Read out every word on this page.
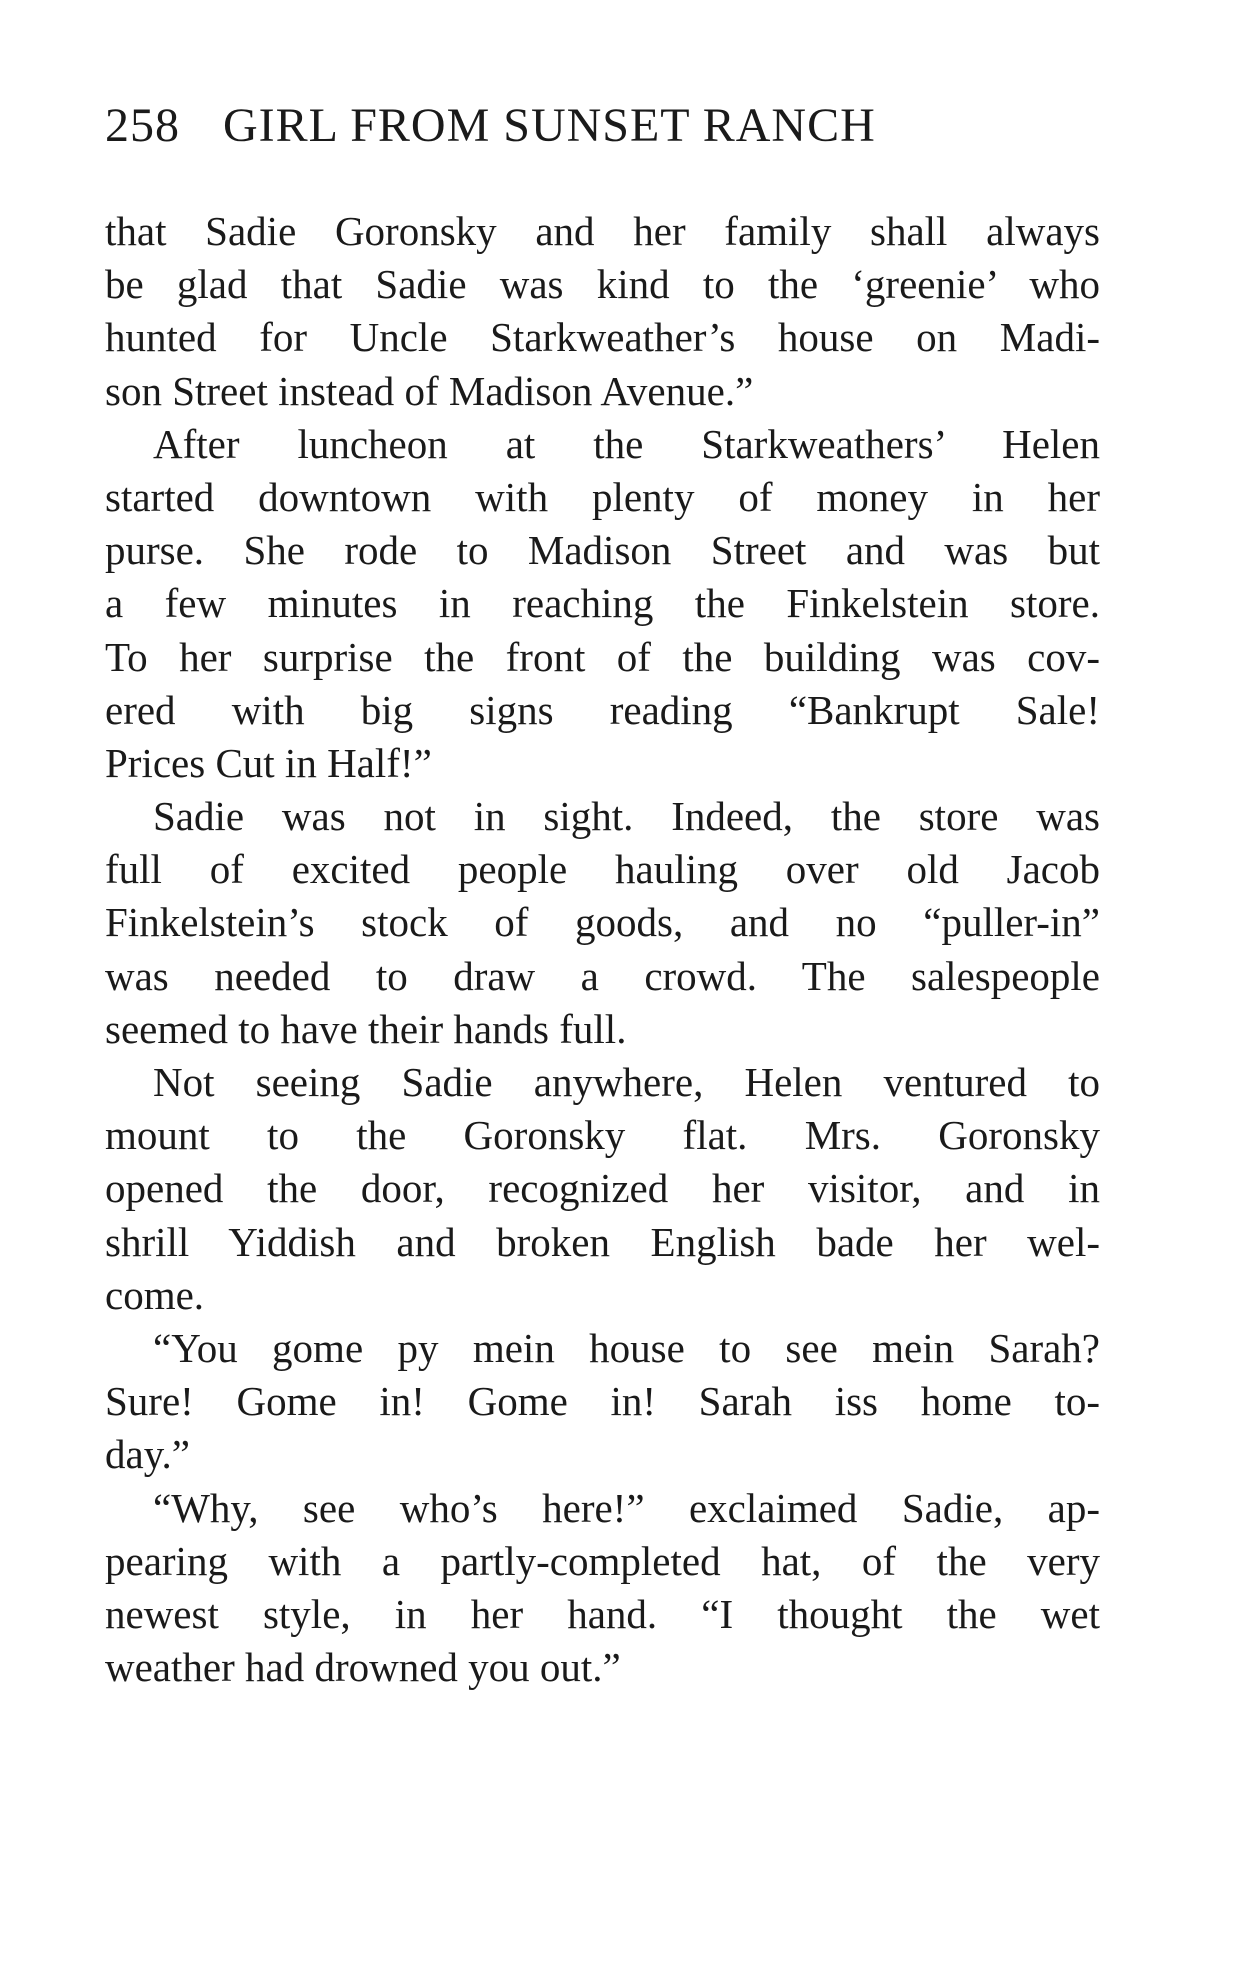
258 GIRL FROM SUNSET RANCH
that Sadie Goronsky and her family shall always
be glad that Sadie was kind to the ‘greenie’ who
hunted for Uncle Starkweather’s house on Madi-
son Street instead of Madison Avenue.”
After luncheon at the Starkweathers’ Helen
started downtown with plenty of money in her
purse. She rode to Madison Street and was but
a few minutes in reaching the Finkelstein store.
To her surprise the front of the building was cov-
ered with big signs reading “Bankrupt Sale!
Prices Cut in Half!”
Sadie was not in sight. Indeed, the store was
full of excited people hauling over old Jacob
Finkelstein’s stock of goods, and no “puller-in”
was needed to draw a crowd. The salespeople
seemed to have their hands full.
Not seeing Sadie anywhere, Helen ventured to
mount to the Goronsky flat. Mrs. Goronsky
opened the door, recognized her visitor, and in
shrill Yiddish and broken English bade her wel-
come.
“You gome py mein house to see mein Sarah?
Sure! Gome in! Gome in! Sarah iss home to-
day.”
“Why, see who’s here!” exclaimed Sadie, ap-
pearing with a partly-completed hat, of the very
newest style, in her hand. “I thought the wet
weather had drowned you out.”
